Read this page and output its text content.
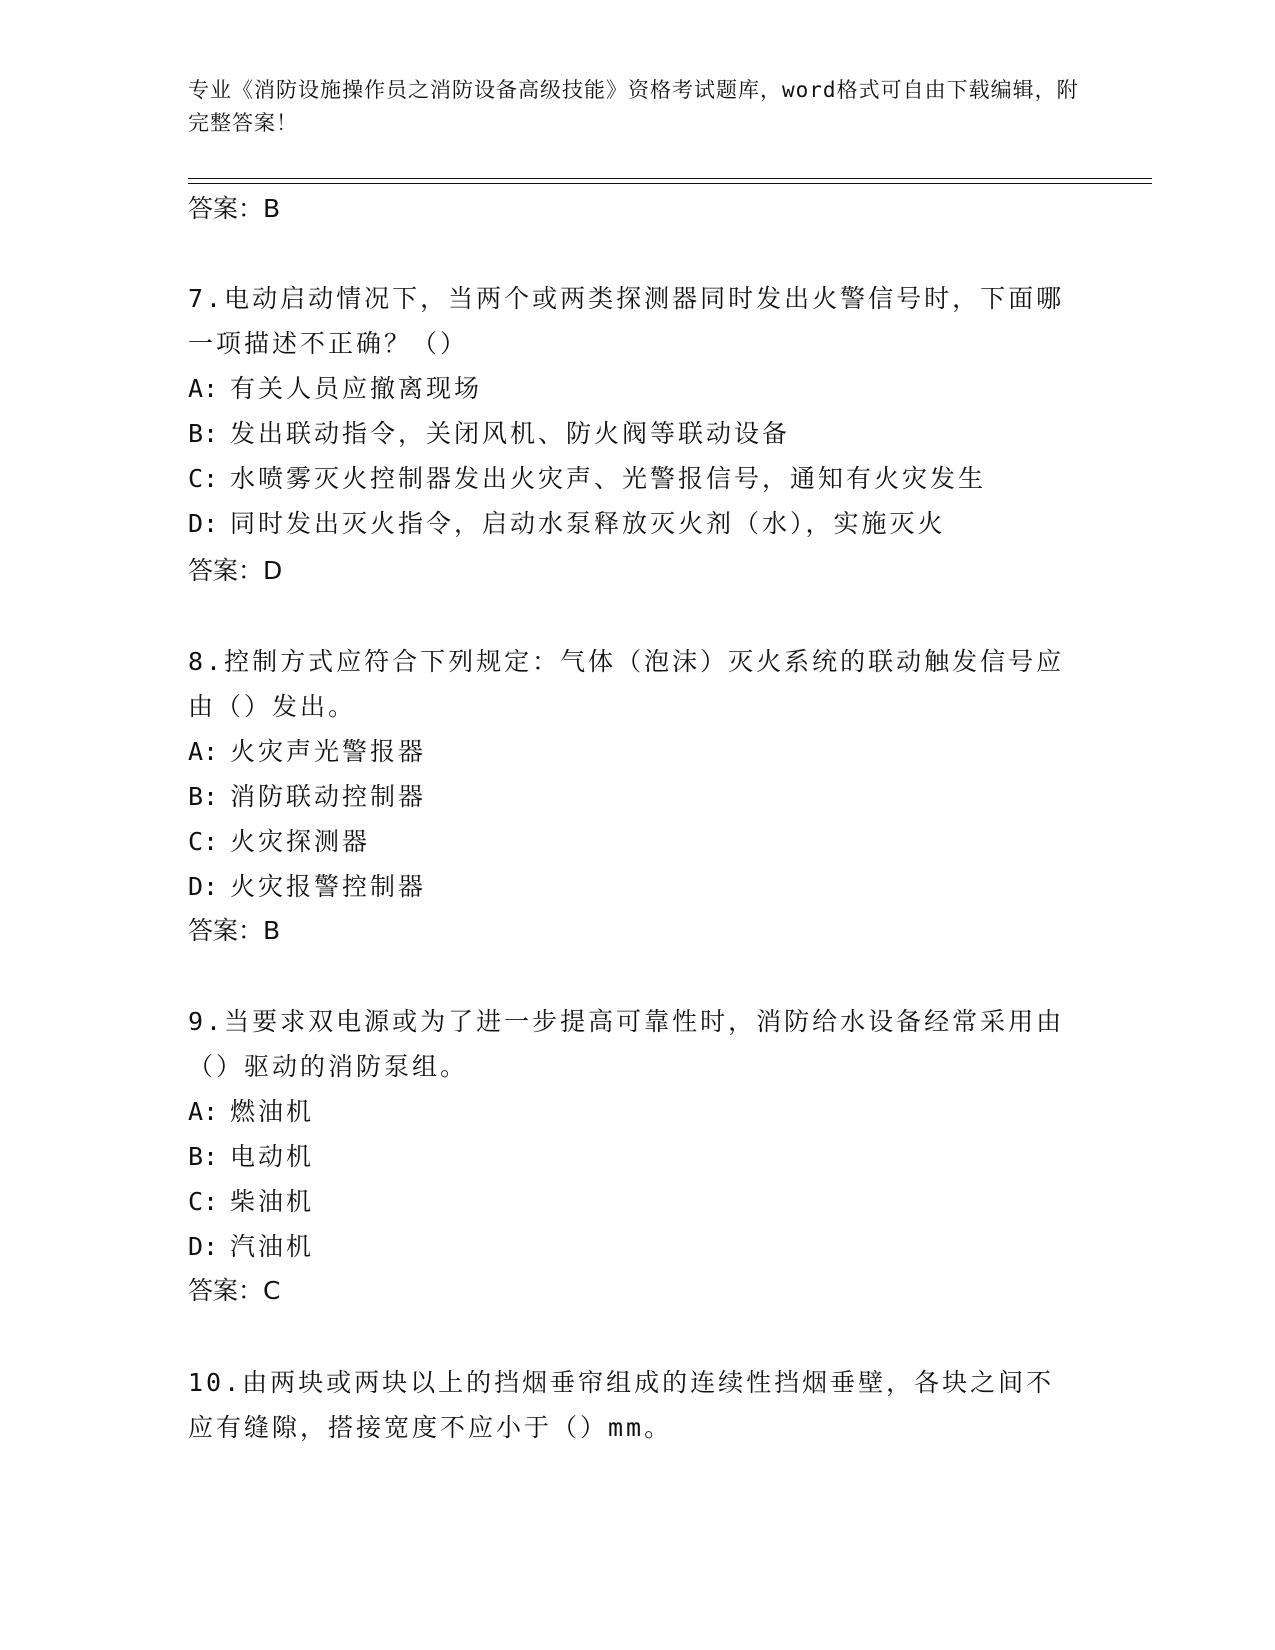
专业《消防设施操作员之消防设备高级技能》资格考试题库，word格式可自由下载编辑，附完整答案！
答案：B

7.电动启动情况下，当两个或两类探测器同时发出火警信号时，下面哪一项描述不正确？（）

A: 有关人员应撤离现场

B: 发出联动指令，关闭风机、防火阀等联动设备

C: 水喷雾灭火控制器发出火灾声、光警报信号，通知有火灾发生

D: 同时发出灭火指令，启动水泵释放灭火剂（水），实施灭火

答案：D

8.控制方式应符合下列规定：气体（泡沫）灭火系统的联动触发信号应由（）发出。

A: 火灾声光警报器

B: 消防联动控制器

C: 火灾探测器

D: 火灾报警控制器

答案：B

9.当要求双电源或为了进一步提高可靠性时，消防给水设备经常采用由（）驱动的消防泵组。

A: 燃油机

B: 电动机

C: 柴油机

D: 汽油机

答案：C

10.由两块或两块以上的挡烟垂帘组成的连续性挡烟垂壁，各块之间不应有缝隙，搭接宽度不应小于（）mm。
